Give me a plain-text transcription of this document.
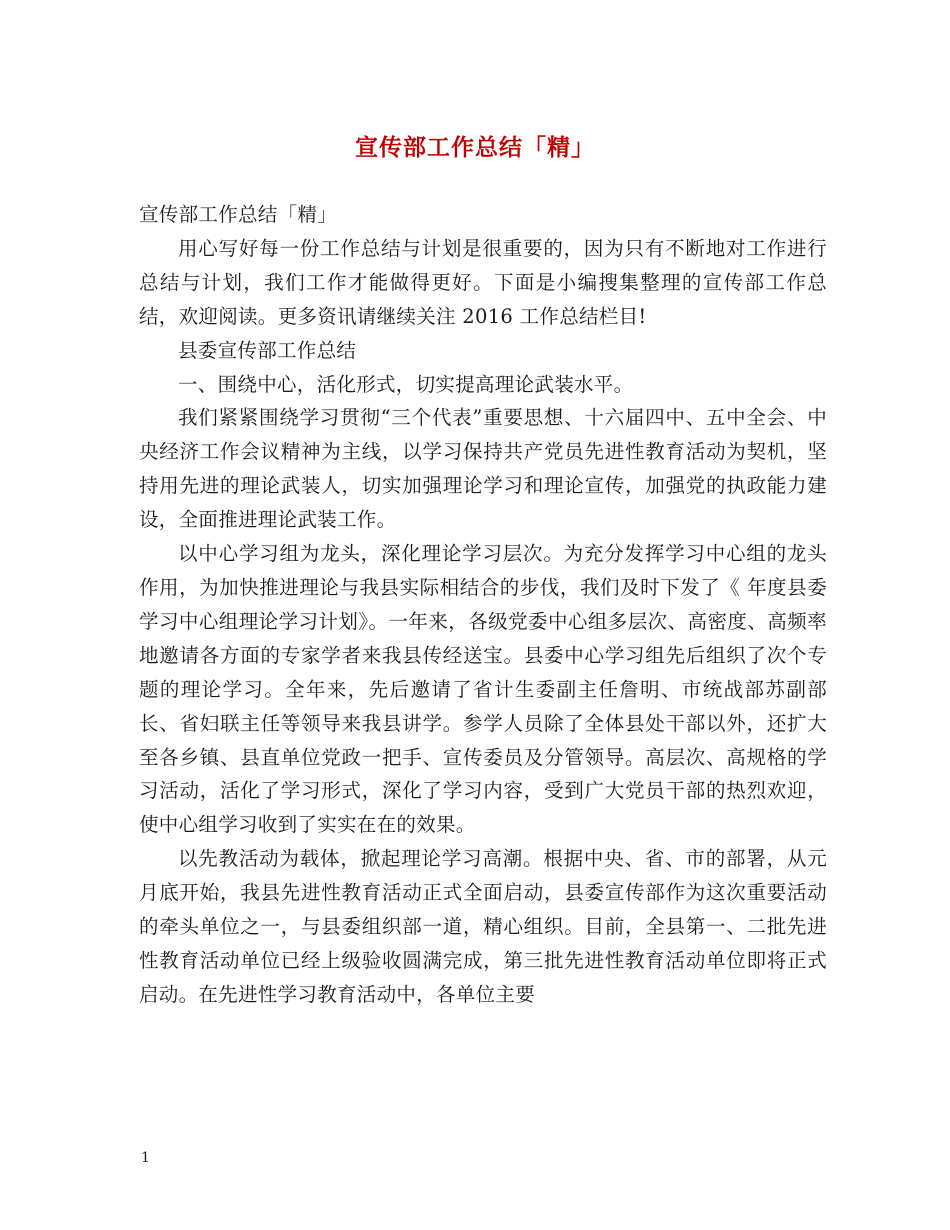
宣传部工作总结「精」

宣传部工作总结「精」

用心写好每一份工作总结与计划是很重要的，因为只有不断地对工作进行总结与计划，我们工作才能做得更好。下面是小编搜集整理的宣传部工作总结，欢迎阅读。更多资讯请继续关注 2016 工作总结栏目!

县委宣传部工作总结

一、围绕中心，活化形式，切实提高理论武装水平。

我们紧紧围绕学习贯彻“三个代表”重要思想、十六届四中、五中全会、中央经济工作会议精神为主线，以学习保持共产党员先进性教育活动为契机，坚持用先进的理论武装人，切实加强理论学习和理论宣传，加强党的执政能力建设，全面推进理论武装工作。

以中心学习组为龙头，深化理论学习层次。为充分发挥学习中心组的龙头作用，为加快推进理论与我县实际相结合的步伐，我们及时下发了《 年度县委学习中心组理论学习计划》。一年来，各级党委中心组多层次、高密度、高频率地邀请各方面的专家学者来我县传经送宝。县委中心学习组先后组织了次个专题的理论学习。全年来，先后邀请了省计生委副主任詹明、市统战部苏副部长、省妇联主任等领导来我县讲学。参学人员除了全体县处干部以外，还扩大至各乡镇、县直单位党政一把手、宣传委员及分管领导。高层次、高规格的学习活动，活化了学习形式，深化了学习内容，受到广大党员干部的热烈欢迎，使中心组学习收到了实实在在的效果。

以先教活动为载体，掀起理论学习高潮。根据中央、省、市的部署，从元月底开始，我县先进性教育活动正式全面启动，县委宣传部作为这次重要活动的牵头单位之一，与县委组织部一道，精心组织。目前，全县第一、二批先进性教育活动单位已经上级验收圆满完成，第三批先进性教育活动单位即将正式启动。在先进性学习教育活动中，各单位主要

1
